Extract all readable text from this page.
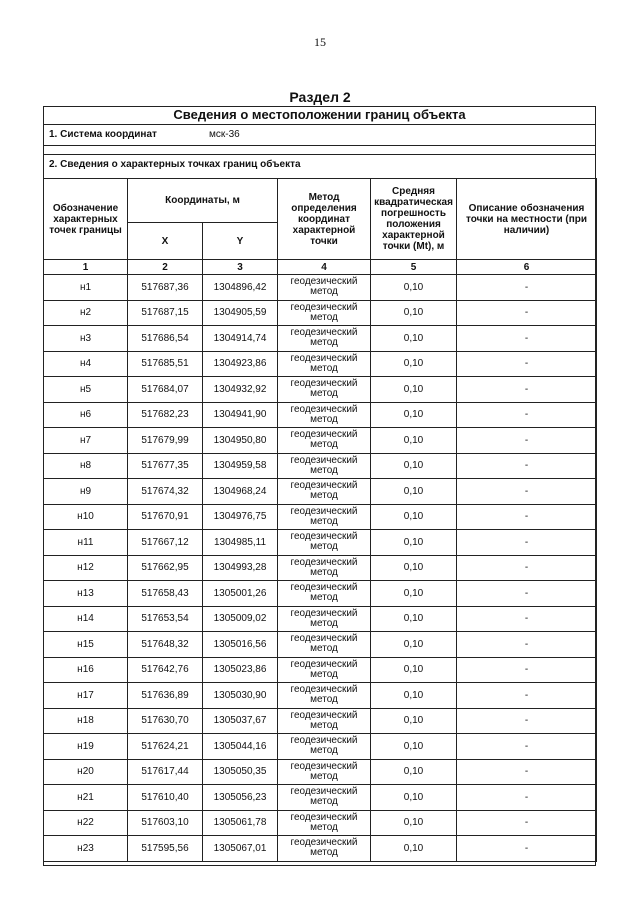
15
Раздел 2
Сведения о местоположении границ объекта
1. Система координат	мск-36
2. Сведения о характерных точках границ объекта
Обозначение характерных точек границы	Координаты, м		Метод определения координат характерной точки	Средняя квадратическая погрешность положения характерной точки (Mt), м	Описание обозначения точки на местности (при наличии)
	X	Y			
1	2	3	4	5	6
н1	517687,36	1304896,42	геодезический метод	0,10	-
н2	517687,15	1304905,59	геодезический метод	0,10	-
н3	517686,54	1304914,74	геодезический метод	0,10	-
н4	517685,51	1304923,86	геодезический метод	0,10	-
н5	517684,07	1304932,92	геодезический метод	0,10	-
н6	517682,23	1304941,90	геодезический метод	0,10	-
н7	517679,99	1304950,80	геодезический метод	0,10	-
н8	517677,35	1304959,58	геодезический метод	0,10	-
н9	517674,32	1304968,24	геодезический метод	0,10	-
н10	517670,91	1304976,75	геодезический метод	0,10	-
н11	517667,12	1304985,11	геодезический метод	0,10	-
н12	517662,95	1304993,28	геодезический метод	0,10	-
н13	517658,43	1305001,26	геодезический метод	0,10	-
н14	517653,54	1305009,02	геодезический метод	0,10	-
н15	517648,32	1305016,56	геодезический метод	0,10	-
н16	517642,76	1305023,86	геодезический метод	0,10	-
н17	517636,89	1305030,90	геодезический метод	0,10	-
н18	517630,70	1305037,67	геодезический метод	0,10	-
н19	517624,21	1305044,16	геодезический метод	0,10	-
н20	517617,44	1305050,35	геодезический метод	0,10	-
н21	517610,40	1305056,23	геодезический метод	0,10	-
н22	517603,10	1305061,78	геодезический метод	0,10	-
н23	517595,56	1305067,01	геодезический метод	0,10	-
